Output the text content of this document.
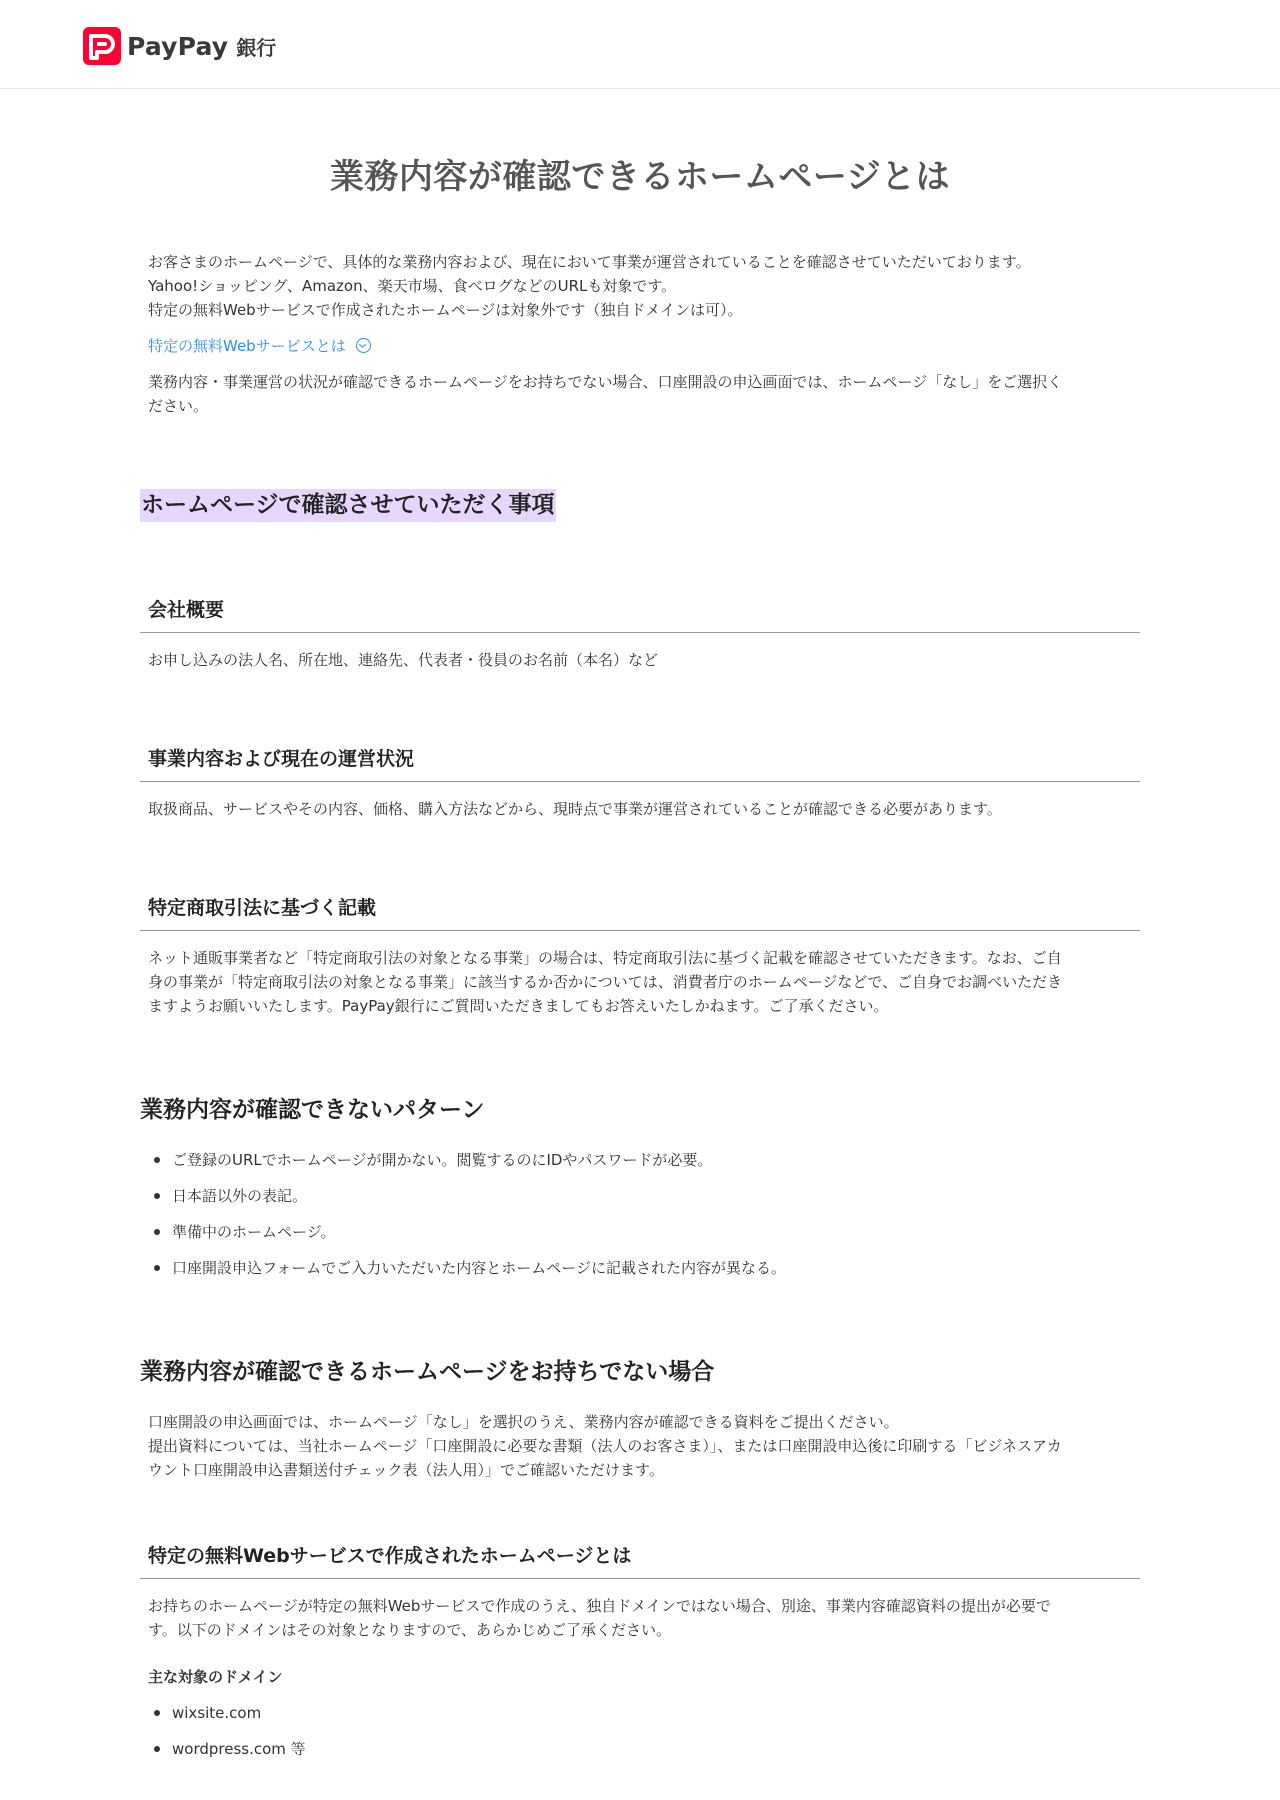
PayPay 銀行
業務内容が確認できるホームページとは
お客さまのホームページで、具体的な業務内容および、現在において事業が運営されていることを確認させていただいております。
Yahoo!ショッピング、Amazon、楽天市場、食べログなどのURLも対象です。
特定の無料Webサービスで作成されたホームページは対象外です（独自ドメインは可）。
特定の無料Webサービスとは
業務内容・事業運営の状況が確認できるホームページをお持ちでない場合、口座開設の申込画面では、ホームページ「なし」をご選択く
ださい。
ホームページで確認させていただく事項
会社概要
お申し込みの法人名、所在地、連絡先、代表者・役員のお名前（本名）など
事業内容および現在の運営状況
取扱商品、サービスやその内容、価格、購入方法などから、現時点で事業が運営されていることが確認できる必要があります。
特定商取引法に基づく記載
ネット通販事業者など「特定商取引法の対象となる事業」の場合は、特定商取引法に基づく記載を確認させていただきます。なお、ご自
身の事業が「特定商取引法の対象となる事業」に該当するか否かについては、消費者庁のホームページなどで、ご自身でお調べいただき
ますようお願いいたします。PayPay銀行にご質問いただきましてもお答えいたしかねます。ご了承ください。
業務内容が確認できないパターン
ご登録のURLでホームページが開かない。閲覧するのにIDやパスワードが必要。
日本語以外の表記。
準備中のホームページ。
口座開設申込フォームでご入力いただいた内容とホームページに記載された内容が異なる。
業務内容が確認できるホームページをお持ちでない場合
口座開設の申込画面では、ホームページ「なし」を選択のうえ、業務内容が確認できる資料をご提出ください。
提出資料については、当社ホームページ「口座開設に必要な書類（法人のお客さま）」、または口座開設申込後に印刷する「ビジネスアカ
ウント口座開設申込書類送付チェック表（法人用）」でご確認いただけます。
特定の無料Webサービスで作成されたホームページとは
お持ちのホームページが特定の無料Webサービスで作成のうえ、独自ドメインではない場合、別途、事業内容確認資料の提出が必要で
す。以下のドメインはその対象となりますので、あらかじめご了承ください。
主な対象のドメイン
wixsite.com
wordpress.com 等
